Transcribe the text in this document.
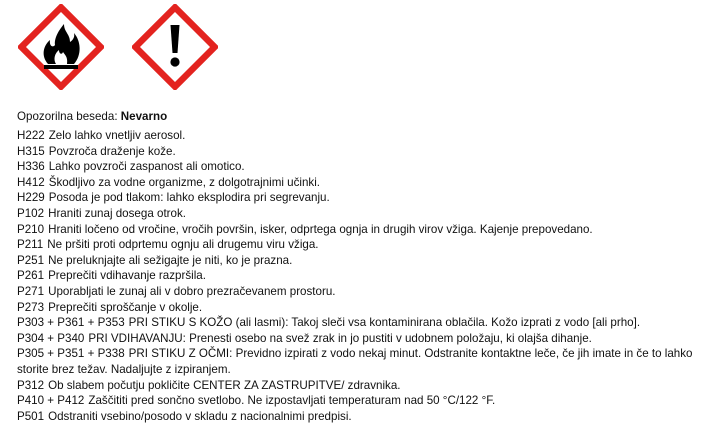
Opozorilna beseda: Nevarno

H222 Zelo lahko vnetljiv aerosol.

H315 Povzroča draženje kože.

H336 Lahko povzroči zaspanost ali omotico.

H412 Škodljivo za vodne organizme, z dolgotrajnimi učinki.

H229 Posoda je pod tlakom: lahko eksplodira pri segrevanju.

P102 Hraniti zunaj dosega otrok.

P210 Hraniti ločeno od vročine, vročih površin, isker, odprtega ognja in drugih virov vžiga. Kajenje prepovedano.

P211 Ne pršiti proti odprtemu ognju ali drugemu viru vžiga.

P251 Ne preluknjajte ali sežigajte je niti, ko je prazna.

P261 Preprečiti vdihavanje razpršila.

P271 Uporabljati le zunaj ali v dobro prezračevanem prostoru.

P273 Preprečiti sproščanje v okolje.

P303 + P361 + P353 PRI STIKU S KOŽO (ali lasmi): Takoj sleči vsa kontaminirana oblačila. Kožo izprati z vodo [ali prho].

P304 + P340 PRI VDIHAVANJU: Prenesti osebo na svež zrak in jo pustiti v udobnem položaju, ki olajša dihanje.

P305 + P351 + P338 PRI STIKU Z OČMI: Previdno izpirati z vodo nekaj minut. Odstranite kontaktne leče, če jih imate in če to lahko storite brez težav. Nadaljujte z izpiranjem.

P312 Ob slabem počutju pokličite CENTER ZA ZASTRUPITVE/ zdravnika.

P410 + P412 Zaščititi pred sončno svetlobo. Ne izpostavljati temperaturam nad 50 °C/122 °F.

P501 Odstraniti vsebino/posodo v skladu z nacionalnimi predpisi.
